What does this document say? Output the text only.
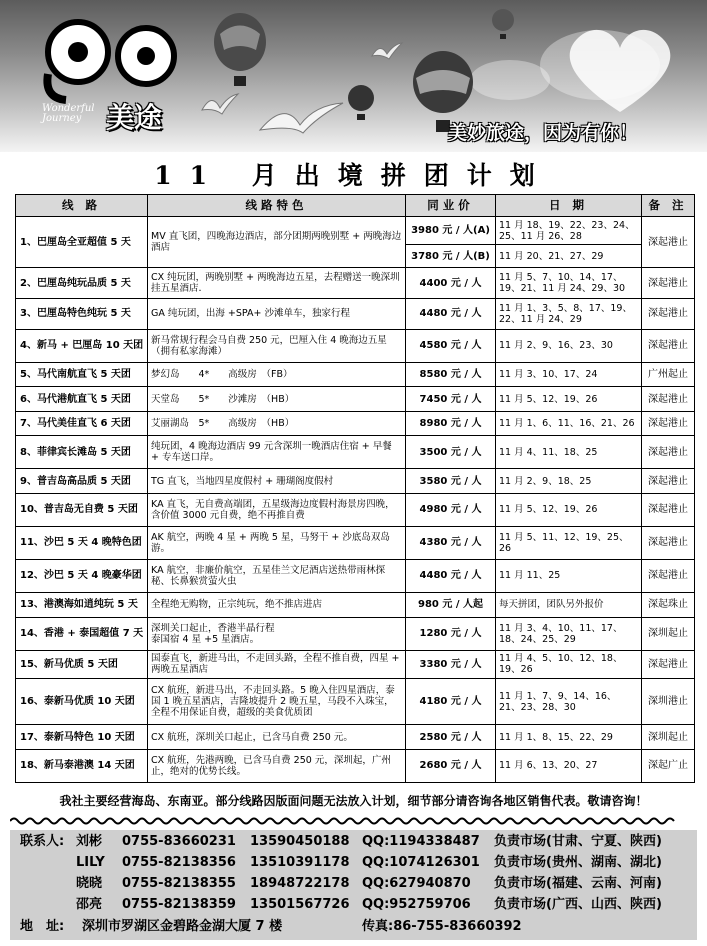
Wonderful Journey 美途	美妙旅途，因为有你！
11 月出境拼团计划
线 路	线路特色	同业价	日 期	备 注
1、巴厘岛全亚超值 5 天	MV 直飞团，四晚海边酒店，部分团期两晚别墅 + 两晚海边酒店	3980 元 / 人(A)	11 月 18、19、22、23、24、25、11 月 26、28	深起港止
		3780 元 / 人(B)	11 月 20、21、27、29	
2、巴厘岛纯玩品质 5 天	CX 纯玩团，两晚别墅 + 两晚海边五星，去程赠送一晚深圳挂五星酒店.	4400 元 / 人	11 月 5、7、10、14、17、19、21、11 月 24、29、30	深起港止
3、巴厘岛特色纯玩 5 天	GA 纯玩团，出海 +SPA+ 沙滩单车，独家行程	4480 元 / 人	11 月 1、3、5、8、17、19、22、11 月 24、29	深起港止
4、新马 + 巴厘岛 10 天团	新马常规行程会马自费 250 元，巴厘入住 4 晚海边五星（拥有私家海滩）	4580 元 / 人	11 月 2、9、16、23、30	深起港止
5、马代南航直飞 5 天团	梦幻岛　　4*　　高级房　（FB）	8580 元 / 人	11 月 3、10、17、24	广州起止
6、马代港航直飞 5 天团	天堂岛　　5*　　沙滩房　（HB）	7450 元 / 人	11 月 5、12、19、26	深起港止
7、马代美佳直飞 6 天团	艾丽湖岛　5*　　高级房　（HB）	8980 元 / 人	11 月 1、6、11、16、21、26	深起港止
8、菲律宾长滩岛 5 天团	纯玩团，4 晚海边酒店 99 元含深圳一晚酒店住宿 + 早餐 + 专车送口岸。	3500 元 / 人	11 月 4、11、18、25	深起港止
9、普吉岛高品质 5 天团	TG 直飞，当地四星度假村 + 珊瑚阁度假村	3580 元 / 人	11 月 2、9、18、25	深起港止
10、普吉岛无自费 5 天团	KA 直飞，无自费高端团，五星级海边度假村海景房四晚，含价值 3000 元自费，绝不再推自费	4980 元 / 人	11 月 5、12、19、26	深起港止
11、沙巴 5 天 4 晚特色团	AK 航空，两晚 4 星 + 两晚 5 星，马努干 + 沙底岛双岛游。	4380 元 / 人	11 月 5、11、12、19、25、26	深起港止
12、沙巴 5 天 4 晚豪华团	KA 航空，非廉价航空，五星佳兰文尼酒店送热带雨林探秘、长鼻猴赏萤火虫	4480 元 / 人	11 月 11、25	深起港止
13、港澳海如逍纯玩 5 天	全程绝无购物，正宗纯玩，绝不推店进店	980 元 / 人起	每天拼团，团队另外报价	深起珠止
14、香港 + 泰国超值 7 天	深圳关口起止，香港半晶行程
泰国宿 4 星 +5 星酒店。	1280 元 / 人	11 月 3、4、10、11、17、18、24、25、29	深圳起止
15、新马优质 5 天团	国泰直飞，新进马出，不走回头路，全程不推自费，四星 + 两晚五星酒店	3380 元 / 人	11 月 4、5、10、12、18、19、26	深起港止
16、泰新马优质 10 天团	CX 航班，新进马出，不走回头路。5 晚入住四星酒店，泰国 1 晚五星酒店，吉隆坡提升 2 晚五星，马段不入珠宝，全程不用保证自费，超级的美食优质团	4180 元 / 人	11 月 1、7、9、14、16、21、23、28、30	深圳港止
17、泰新马特色 10 天团	CX 航班，深圳关口起止，已含马自费 250 元。	2580 元 / 人	11 月 1、8、15、22、29	深圳起止
18、新马泰港澳 14 天团	CX 航班，先港两晚，已含马自费 250 元，深圳起，广州止，绝对的优势长线。	2680 元 / 人	11 月 6、13、20、27	深起广止
我社主要经营海岛、东南亚。部分线路因版面问题无法放入计划，细节部分请咨询各地区销售代表。敬请咨询！
联系人: 刘彬 0755-83660231 13590450188 QQ:1194338487 负责市场(甘肃、宁夏、陕西)
LILY 0755-82138356 13510391178 QQ:1074126301 负责市场(贵州、湖南、湖北)
晓晓 0755-82138355 18948722178 QQ:627940870 负责市场(福建、云南、河南)
邵亮 0755-82138359 13501567726 QQ:952759706 负责市场(广西、山西、陕西)
地　址: 深圳市罗湖区金碧路金湖大厦 7 楼	传真:86-755-83660392
